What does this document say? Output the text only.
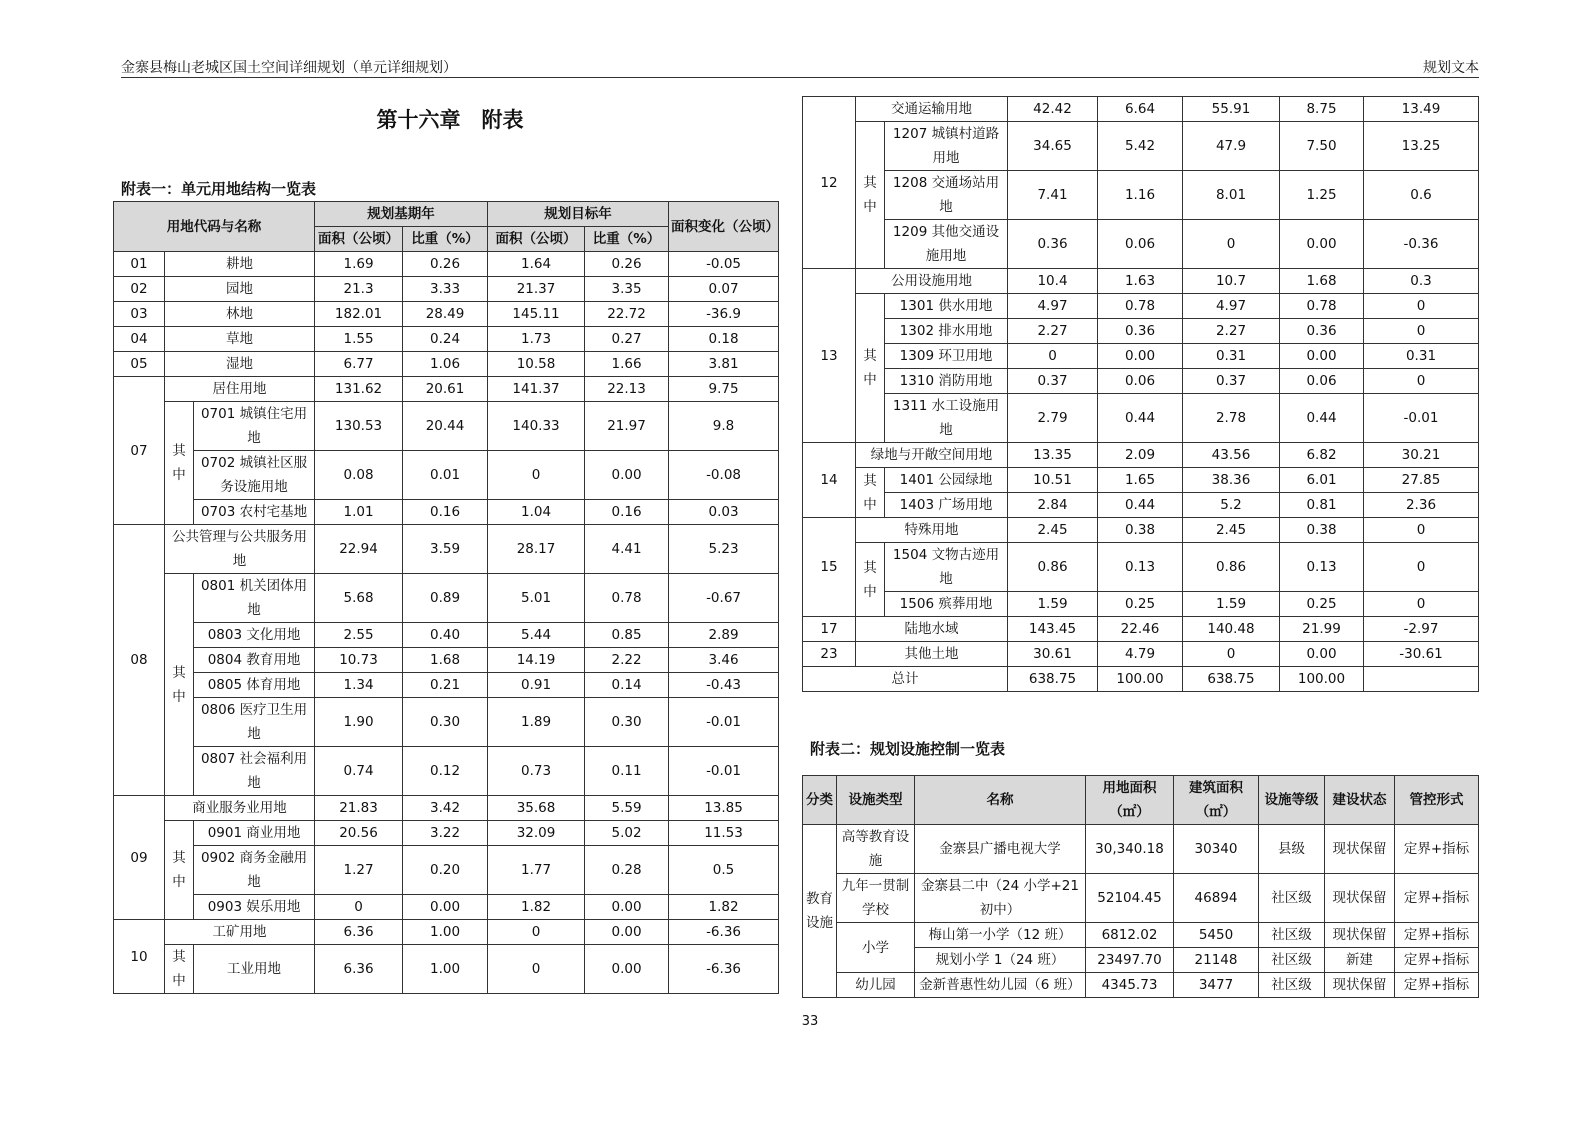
金寨县梅山老城区国土空间详细规划（单元详细规划）	规划文本
第十六章　附表
附表一：单元用地结构一览表
用地代码与名称			规划基期年		规划目标年		面积变化（公顷）
			面积（公顷）	比重（%）	面积（公顷）	比重（%）	
01	耕地		1.69	0.26	1.64	0.26	-0.05
02	园地		21.3	3.33	21.37	3.35	0.07
03	林地		182.01	28.49	145.11	22.72	-36.9
04	草地		1.55	0.24	1.73	0.27	0.18
05	湿地		6.77	1.06	10.58	1.66	3.81
07	居住用地		131.62	20.61	141.37	22.13	9.75
	其中	0701 城镇住宅用地	130.53	20.44	140.33	21.97	9.8
		0702 城镇社区服务设施用地	0.08	0.01	0	0.00	-0.08
		0703 农村宅基地	1.01	0.16	1.04	0.16	0.03
08	公共管理与公共服务用地		22.94	3.59	28.17	4.41	5.23
	其中	0801 机关团体用地	5.68	0.89	5.01	0.78	-0.67
		0803 文化用地	2.55	0.40	5.44	0.85	2.89
		0804 教育用地	10.73	1.68	14.19	2.22	3.46
		0805 体育用地	1.34	0.21	0.91	0.14	-0.43
		0806 医疗卫生用地	1.90	0.30	1.89	0.30	-0.01
		0807 社会福利用地	0.74	0.12	0.73	0.11	-0.01
09	商业服务业用地		21.83	3.42	35.68	5.59	13.85
	其中	0901 商业用地	20.56	3.22	32.09	5.02	11.53
		0902 商务金融用地	1.27	0.20	1.77	0.28	0.5
		0903 娱乐用地	0	0.00	1.82	0.00	1.82
10	工矿用地		6.36	1.00	0	0.00	-6.36
	其中	工业用地	6.36	1.00	0	0.00	-6.36
12	交通运输用地		42.42	6.64	55.91	8.75	13.49
	其中	1207 城镇村道路用地	34.65	5.42	47.9	7.50	13.25
		1208 交通场站用地	7.41	1.16	8.01	1.25	0.6
		1209 其他交通设施用地	0.36	0.06	0	0.00	-0.36
13	公用设施用地		10.4	1.63	10.7	1.68	0.3
	其中	1301 供水用地	4.97	0.78	4.97	0.78	0
		1302 排水用地	2.27	0.36	2.27	0.36	0
		1309 环卫用地	0	0.00	0.31	0.00	0.31
		1310 消防用地	0.37	0.06	0.37	0.06	0
		1311 水工设施用地	2.79	0.44	2.78	0.44	-0.01
14	绿地与开敞空间用地		13.35	2.09	43.56	6.82	30.21
	其中	1401 公园绿地	10.51	1.65	38.36	6.01	27.85
		1403 广场用地	2.84	0.44	5.2	0.81	2.36
15	特殊用地		2.45	0.38	2.45	0.38	0
	其中	1504 文物古迹用地	0.86	0.13	0.86	0.13	0
		1506 殡葬用地	1.59	0.25	1.59	0.25	0
17	陆地水域		143.45	22.46	140.48	21.99	-2.97
23	其他土地		30.61	4.79	0	0.00	-30.61
总计			638.75	100.00	638.75	100.00	
附表二：规划设施控制一览表
分类	设施类型	名称	用地面积（㎡）	建筑面积（㎡）	设施等级	建设状态	管控形式
教育设施	高等教育设施	金寨县广播电视大学	30,340.18	30340	县级	现状保留	定界+指标
	九年一贯制学校	金寨县二中（24 小学+21 初中）	52104.45	46894	社区级	现状保留	定界+指标
	小学	梅山第一小学（12 班）	6812.02	5450	社区级	现状保留	定界+指标
		规划小学 1（24 班）	23497.70	21148	社区级	新建	定界+指标
	幼儿园	金新普惠性幼儿园（6 班）	4345.73	3477	社区级	现状保留	定界+指标
33
